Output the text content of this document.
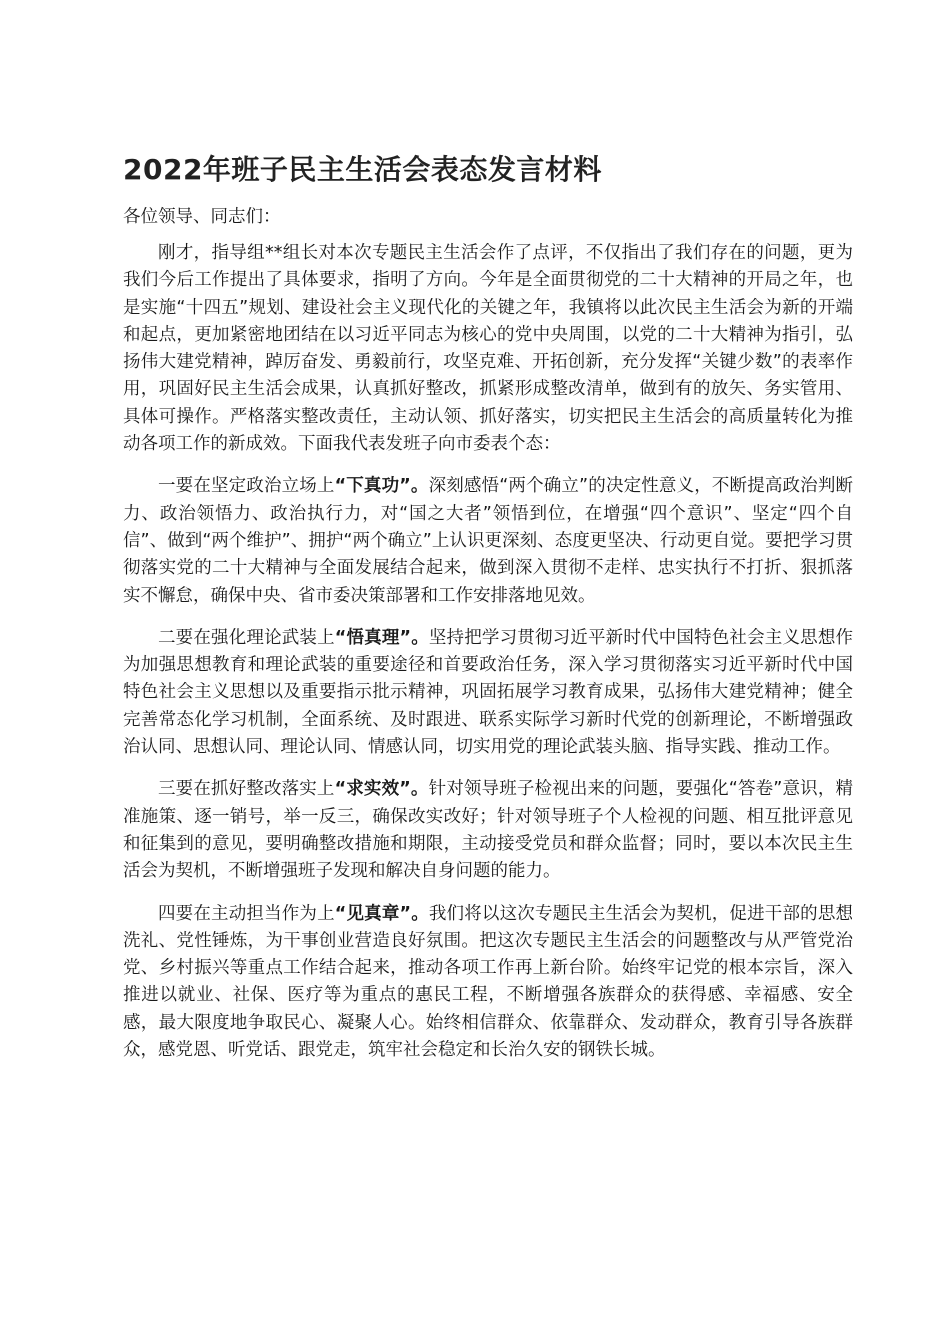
2022年班子民主生活会表态发言材料

各位领导、同志们：

刚才，指导组**组长对本次专题民主生活会作了点评，不仅指出了我们存在的问题，更为我们今后工作提出了具体要求，指明了方向。今年是全面贯彻党的二十大精神的开局之年，也是实施“十四五”规划、建设社会主义现代化的关键之年，我镇将以此次民主生活会为新的开端和起点，更加紧密地团结在以习近平同志为核心的党中央周围，以党的二十大精神为指引，弘扬伟大建党精神，踔厉奋发、勇毅前行，攻坚克难、开拓创新，充分发挥“关键少数”的表率作用，巩固好民主生活会成果，认真抓好整改，抓紧形成整改清单，做到有的放矢、务实管用、具体可操作。严格落实整改责任，主动认领、抓好落实，切实把民主生活会的高质量转化为推动各项工作的新成效。下面我代表发班子向市委表个态：

一要在坚定政治立场上“下真功”。深刻感悟“两个确立”的决定性意义，不断提高政治判断力、政治领悟力、政治执行力，对“国之大者”领悟到位，在增强“四个意识”、坚定“四个自信”、做到“两个维护”、拥护“两个确立”上认识更深刻、态度更坚决、行动更自觉。要把学习贯彻落实党的二十大精神与全面发展结合起来，做到深入贯彻不走样、忠实执行不打折、狠抓落实不懈怠，确保中央、省市委决策部署和工作安排落地见效。

二要在强化理论武装上“悟真理”。坚持把学习贯彻习近平新时代中国特色社会主义思想作为加强思想教育和理论武装的重要途径和首要政治任务，深入学习贯彻落实习近平新时代中国特色社会主义思想以及重要指示批示精神，巩固拓展学习教育成果，弘扬伟大建党精神；健全完善常态化学习机制，全面系统、及时跟进、联系实际学习新时代党的创新理论，不断增强政治认同、思想认同、理论认同、情感认同，切实用党的理论武装头脑、指导实践、推动工作。

三要在抓好整改落实上“求实效”。针对领导班子检视出来的问题，要强化“答卷”意识，精准施策、逐一销号，举一反三，确保改实改好；针对领导班子个人检视的问题、相互批评意见和征集到的意见，要明确整改措施和期限，主动接受党员和群众监督；同时，要以本次民主生活会为契机，不断增强班子发现和解决自身问题的能力。

四要在主动担当作为上“见真章”。我们将以这次专题民主生活会为契机，促进干部的思想洗礼、党性锤炼，为干事创业营造良好氛围。把这次专题民主生活会的问题整改与从严管党治党、乡村振兴等重点工作结合起来，推动各项工作再上新台阶。始终牢记党的根本宗旨，深入推进以就业、社保、医疗等为重点的惠民工程，不断增强各族群众的获得感、幸福感、安全感，最大限度地争取民心、凝聚人心。始终相信群众、依靠群众、发动群众，教育引导各族群众，感党恩、听党话、跟党走，筑牢社会稳定和长治久安的钢铁长城。
